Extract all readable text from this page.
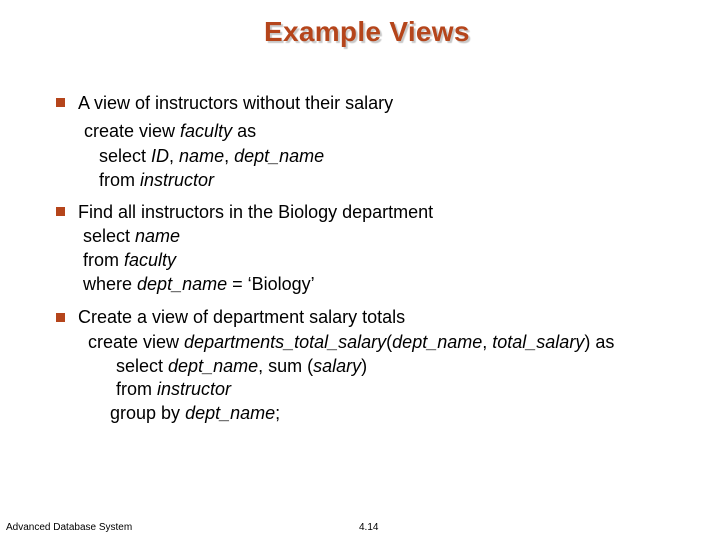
Example Views
A view of instructors without their salary
create view faculty as
select ID, name, dept_name
from instructor
Find all instructors in the Biology department
select name
from faculty
where dept_name = ‘Biology’
Create a view of department salary totals
create view departments_total_salary(dept_name, total_salary) as
select dept_name, sum (salary)
from instructor
group by dept_name;
Advanced Database System	4.14
